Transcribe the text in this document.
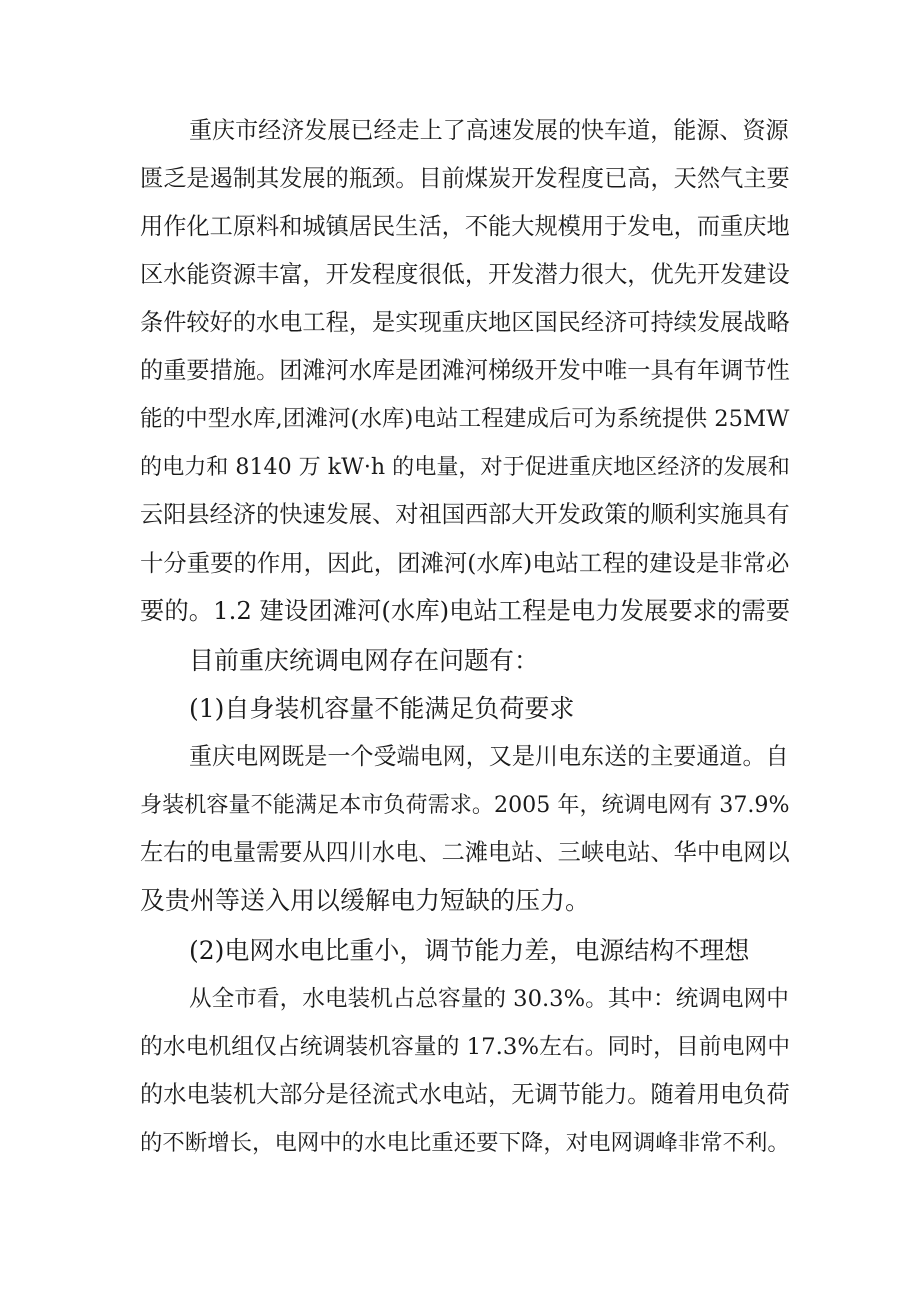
重庆市经济发展已经走上了高速发展的快车道，能源、资源

匮乏是遏制其发展的瓶颈。目前煤炭开发程度已高，天然气主要

用作化工原料和城镇居民生活，不能大规模用于发电，而重庆地

区水能资源丰富，开发程度很低，开发潜力很大，优先开发建设

条件较好的水电工程，是实现重庆地区国民经济可持续发展战略

的重要措施。团滩河水库是团滩河梯级开发中唯一具有年调节性

能的中型水库,团滩河(水库)电站工程建成后可为系统提供 25MW

的电力和 8140 万 kW·h 的电量，对于促进重庆地区经济的发展和

云阳县经济的快速发展、对祖国西部大开发政策的顺利实施具有

十分重要的作用，因此，团滩河(水库)电站工程的建设是非常必

要的。1.2 建设团滩河(水库)电站工程是电力发展要求的需要

目前重庆统调电网存在问题有：

(1)自身装机容量不能满足负荷要求

重庆电网既是一个受端电网，又是川电东送的主要通道。自

身装机容量不能满足本市负荷需求。2005 年，统调电网有 37.9%

左右的电量需要从四川水电、二滩电站、三峡电站、华中电网以

及贵州等送入用以缓解电力短缺的压力。

(2)电网水电比重小，调节能力差，电源结构不理想

从全市看，水电装机占总容量的 30.3%。其中：统调电网中

的水电机组仅占统调装机容量的 17.3%左右。同时，目前电网中

的水电装机大部分是径流式水电站，无调节能力。随着用电负荷

的不断增长，电网中的水电比重还要下降，对电网调峰非常不利。
